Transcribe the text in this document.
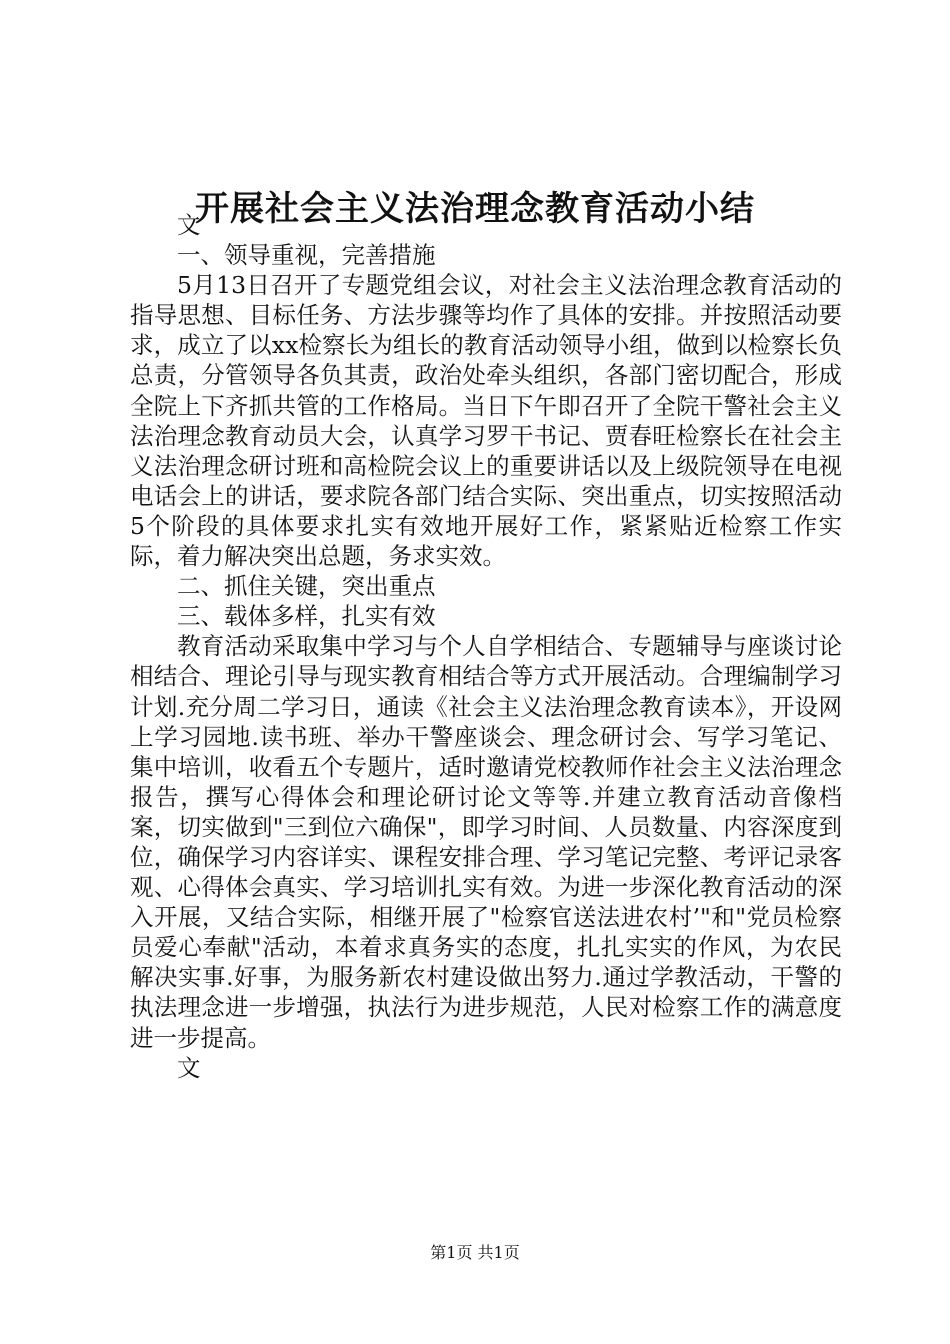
开展社会主义法治理念教育活动小结

文

一、领导重视，完善措施

5月13日召开了专题党组会议，对社会主义法治理念教育活动的指导思想、目标任务、方法步骤等均作了具体的安排。并按照活动要求，成立了以xx检察长为组长的教育活动领导小组，做到以检察长负总责，分管领导各负其责，政治处牵头组织，各部门密切配合，形成全院上下齐抓共管的工作格局。当日下午即召开了全院干警社会主义法治理念教育动员大会，认真学习罗干书记、贾春旺检察长在社会主义法治理念研讨班和高检院会议上的重要讲话以及上级院领导在电视电话会上的讲话，要求院各部门结合实际、突出重点，切实按照活动5个阶段的具体要求扎实有效地开展好工作，紧紧贴近检察工作实际，着力解决突出总题，务求实效。

二、抓住关键，突出重点

三、载体多样，扎实有效

教育活动采取集中学习与个人自学相结合、专题辅导与座谈讨论相结合、理论引导与现实教育相结合等方式开展活动。合理编制学习计划.充分周二学习日，通读《社会主义法治理念教育读本》，开设网上学习园地.读书班、举办干警座谈会、理念研讨会、写学习笔记、集中培训，收看五个专题片，适时邀请党校教师作社会主义法治理念报告，撰写心得体会和理论研讨论文等等.并建立教育活动音像档案，切实做到"三到位六确保"，即学习时间、人员数量、内容深度到位，确保学习内容详实、课程安排合理、学习笔记完整、考评记录客观、心得体会真实、学习培训扎实有效。为进一步深化教育活动的深入开展，又结合实际，相继开展了"检察官送法进农村’"和"党员检察员爱心奉献"活动，本着求真务实的态度，扎扎实实的作风，为农民解决实事.好事，为服务新农村建设做出努力.通过学教活动，干警的执法理念进一步增强，执法行为进步规范，人民对检察工作的满意度进一步提高。

文

第1页 共1页
